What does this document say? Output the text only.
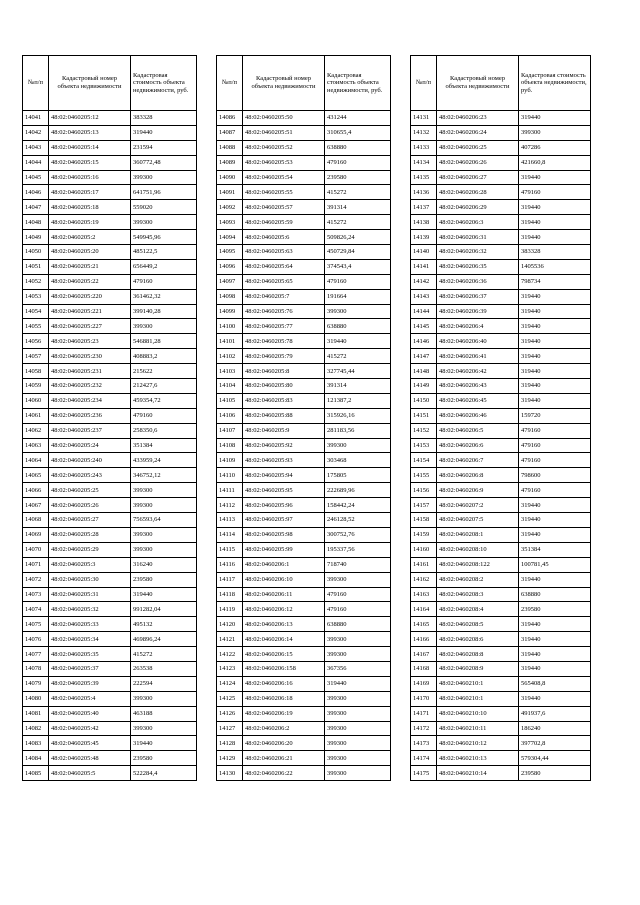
№п/п	Кадастровый номер объекта недвижимости	Кадастровая стоимость объекта недвижимости, руб.
14041	48:02:0460205:12	383328
14042	48:02:0460205:13	319440
14043	48:02:0460205:14	231594
14044	48:02:0460205:15	360772,48
14045	48:02:0460205:16	399300
14046	48:02:0460205:17	641751,96
14047	48:02:0460205:18	559020
14048	48:02:0460205:19	399300
14049	48:02:0460205:2	549945,96
14050	48:02:0460205:20	485122,5
14051	48:02:0460205:21	656449,2
14052	48:02:0460205:22	479160
14053	48:02:0460205:220	361462,32
14054	48:02:0460205:221	399140,28
14055	48:02:0460205:227	399300
14056	48:02:0460205:23	546881,28
14057	48:02:0460205:230	408883,2
14058	48:02:0460205:231	215622
14059	48:02:0460205:232	212427,6
14060	48:02:0460205:234	459354,72
14061	48:02:0460205:236	479160
14062	48:02:0460205:237	258350,6
14063	48:02:0460205:24	351384
14064	48:02:0460205:240	433959,24
14065	48:02:0460205:243	346752,12
14066	48:02:0460205:25	399300
14067	48:02:0460205:26	399300
14068	48:02:0460205:27	756593,64
14069	48:02:0460205:28	399300
14070	48:02:0460205:29	399300
14071	48:02:0460205:3	316240
14072	48:02:0460205:30	239580
14073	48:02:0460205:31	319440
14074	48:02:0460205:32	991282,04
14075	48:02:0460205:33	495132
14076	48:02:0460205:34	469896,24
14077	48:02:0460205:35	415272
14078	48:02:0460205:37	263538
14079	48:02:0460205:39	222594
14080	48:02:0460205:4	399300
14081	48:02:0460205:40	463188
14082	48:02:0460205:42	399300
14083	48:02:0460205:45	319440
14084	48:02:0460205:48	239580
14085	48:02:0460205:5	522284,4
№п/п	Кадастровый номер объекта недвижимости	Кадастровая стоимость объекта недвижимости, руб.
14086	48:02:0460205:50	431244
14087	48:02:0460205:51	310655,4
14088	48:02:0460205:52	638880
14089	48:02:0460205:53	479160
14090	48:02:0460205:54	239580
14091	48:02:0460205:55	415272
14092	48:02:0460205:57	391314
14093	48:02:0460205:59	415272
14094	48:02:0460205:6	509826,24
14095	48:02:0460205:63	450729,84
14096	48:02:0460205:64	374543,4
14097	48:02:0460205:65	479160
14098	48:02:0460205:7	191664
14099	48:02:0460205:76	399300
14100	48:02:0460205:77	638880
14101	48:02:0460205:78	319440
14102	48:02:0460205:79	415272
14103	48:02:0460205:8	327745,44
14104	48:02:0460205:80	391314
14105	48:02:0460205:83	121387,2
14106	48:02:0460205:88	315926,16
14107	48:02:0460205:9	281183,56
14108	48:02:0460205:92	399300
14109	48:02:0460205:93	303468
14110	48:02:0460205:94	175805
14111	48:02:0460205:95	222689,96
14112	48:02:0460205:96	158442,24
14113	48:02:0460205:97	246128,52
14114	48:02:0460205:98	300752,76
14115	48:02:0460205:99	195337,56
14116	48:02:0460206:1	718740
14117	48:02:0460206:10	399300
14118	48:02:0460206:11	479160
14119	48:02:0460206:12	479160
14120	48:02:0460206:13	638880
14121	48:02:0460206:14	399300
14122	48:02:0460206:15	399300
14123	48:02:0460206:158	367356
14124	48:02:0460206:16	319440
14125	48:02:0460206:18	399300
14126	48:02:0460206:19	399300
14127	48:02:0460206:2	399300
14128	48:02:0460206:20	399300
14129	48:02:0460206:21	399300
14130	48:02:0460206:22	399300
№п/п	Кадастровый номер объекта недвижимости	Кадастровая стоимость объекта недвижимости, руб.
14131	48:02:0460206:23	319440
14132	48:02:0460206:24	399300
14133	48:02:0460206:25	407286
14134	48:02:0460206:26	421660,8
14135	48:02:0460206:27	319440
14136	48:02:0460206:28	479160
14137	48:02:0460206:29	319440
14138	48:02:0460206:3	319440
14139	48:02:0460206:31	319440
14140	48:02:0460206:32	383328
14141	48:02:0460206:35	1405536
14142	48:02:0460206:36	798734
14143	48:02:0460206:37	319440
14144	48:02:0460206:39	319440
14145	48:02:0460206:4	319440
14146	48:02:0460206:40	319440
14147	48:02:0460206:41	319440
14148	48:02:0460206:42	319440
14149	48:02:0460206:43	319440
14150	48:02:0460206:45	319440
14151	48:02:0460206:46	159720
14152	48:02:0460206:5	479160
14153	48:02:0460206:6	479160
14154	48:02:0460206:7	479160
14155	48:02:0460206:8	798600
14156	48:02:0460206:9	479160
14157	48:02:0460207:2	319440
14158	48:02:0460207:5	319440
14159	48:02:0460208:1	319440
14160	48:02:0460208:10	351384
14161	48:02:0460208:122	100781,45
14162	48:02:0460208:2	319440
14163	48:02:0460208:3	638880
14164	48:02:0460208:4	239580
14165	48:02:0460208:5	319440
14166	48:02:0460208:6	319440
14167	48:02:0460208:8	319440
14168	48:02:0460208:9	319440
14169	48:02:0460210:1	565408,8
14170	48:02:0460210:1	319440
14171	48:02:0460210:10	491937,6
14172	48:02:0460210:11	186240
14173	48:02:0460210:12	397702,8
14174	48:02:0460210:13	579304,44
14175	48:02:0460210:14	239580
